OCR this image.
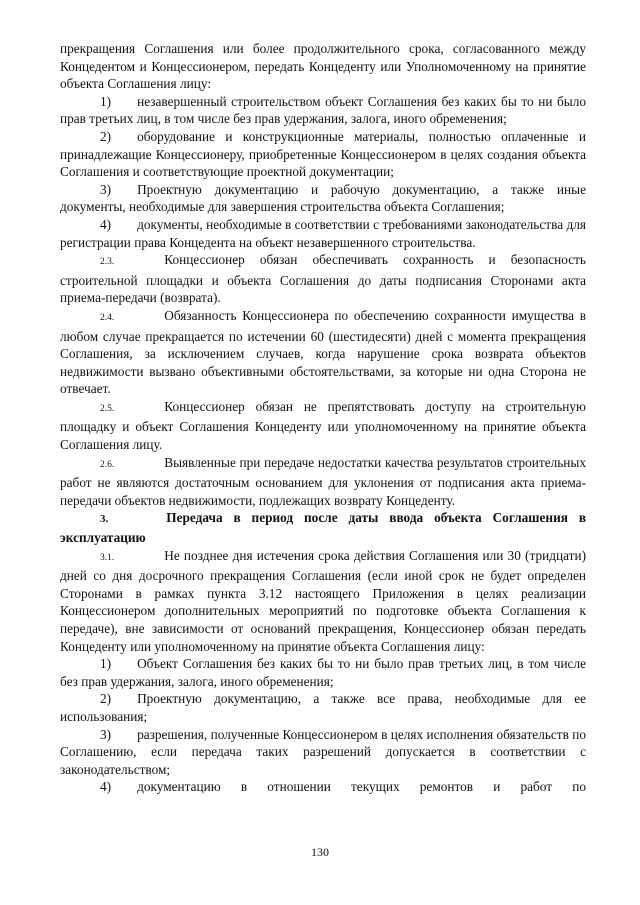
прекращения Соглашения или более продолжительного срока, согласованного между Концедентом и Концессионером, передать Концеденту или Уполномоченному на принятие объекта Соглашения лицу:

1) незавершенный строительством объект Соглашения без каких бы то ни было прав третьих лиц, в том числе без прав удержания, залога, иного обременения;

2) оборудование и конструкционные материалы, полностью оплаченные и принадлежащие Концессионеру, приобретенные Концессионером в целях создания объекта Соглашения и соответствующие проектной документации;

3) Проектную документацию и рабочую документацию, а также иные документы, необходимые для завершения строительства объекта Соглашения;

4) документы, необходимые в соответствии с требованиями законодательства для регистрации права Концедента на объект незавершенного строительства.

2.3.	Концессионер обязан обеспечивать сохранность и безопасность строительной площадки и объекта Соглашения до даты подписания Сторонами акта приема-передачи (возврата).

2.4.	Обязанность Концессионера по обеспечению сохранности имущества в любом случае прекращается по истечении 60 (шестидесяти) дней с момента прекращения Соглашения, за исключением случаев, когда нарушение срока возврата объектов недвижимости вызвано объективными обстоятельствами, за которые ни одна Сторона не отвечает.

2.5.	Концессионер обязан не препятствовать доступу на строительную площадку и объект Соглашения Концеденту или уполномоченному на принятие объекта Соглашения лицу.

2.6.	Выявленные при передаче недостатки качества результатов строительных работ не являются достаточным основанием для уклонения от подписания акта приема-передачи объектов недвижимости, подлежащих возврату Концеденту.

3.	Передача в период после даты ввода объекта Соглашения в эксплуатацию

3.1.	Не позднее дня истечения срока действия Соглашения или 30 (тридцати) дней со дня досрочного прекращения Соглашения (если иной срок не будет определен Сторонами в рамках пункта 3.12 настоящего Приложения в целях реализации Концессионером дополнительных мероприятий по подготовке объекта Соглашения к передаче), вне зависимости от оснований прекращения, Концессионер обязан передать Концеденту или уполномоченному на принятие объекта Соглашения лицу:

1) Объект Соглашения без каких бы то ни было прав третьих лиц, в том числе без прав удержания, залога, иного обременения;

2) Проектную документацию, а также все права, необходимые для ее использования;

3) разрешения, полученные Концессионером в целях исполнения обязательств по Соглашению, если передача таких разрешений допускается в соответствии с законодательством;

4) документацию в отношении текущих ремонтов и работ по

130
